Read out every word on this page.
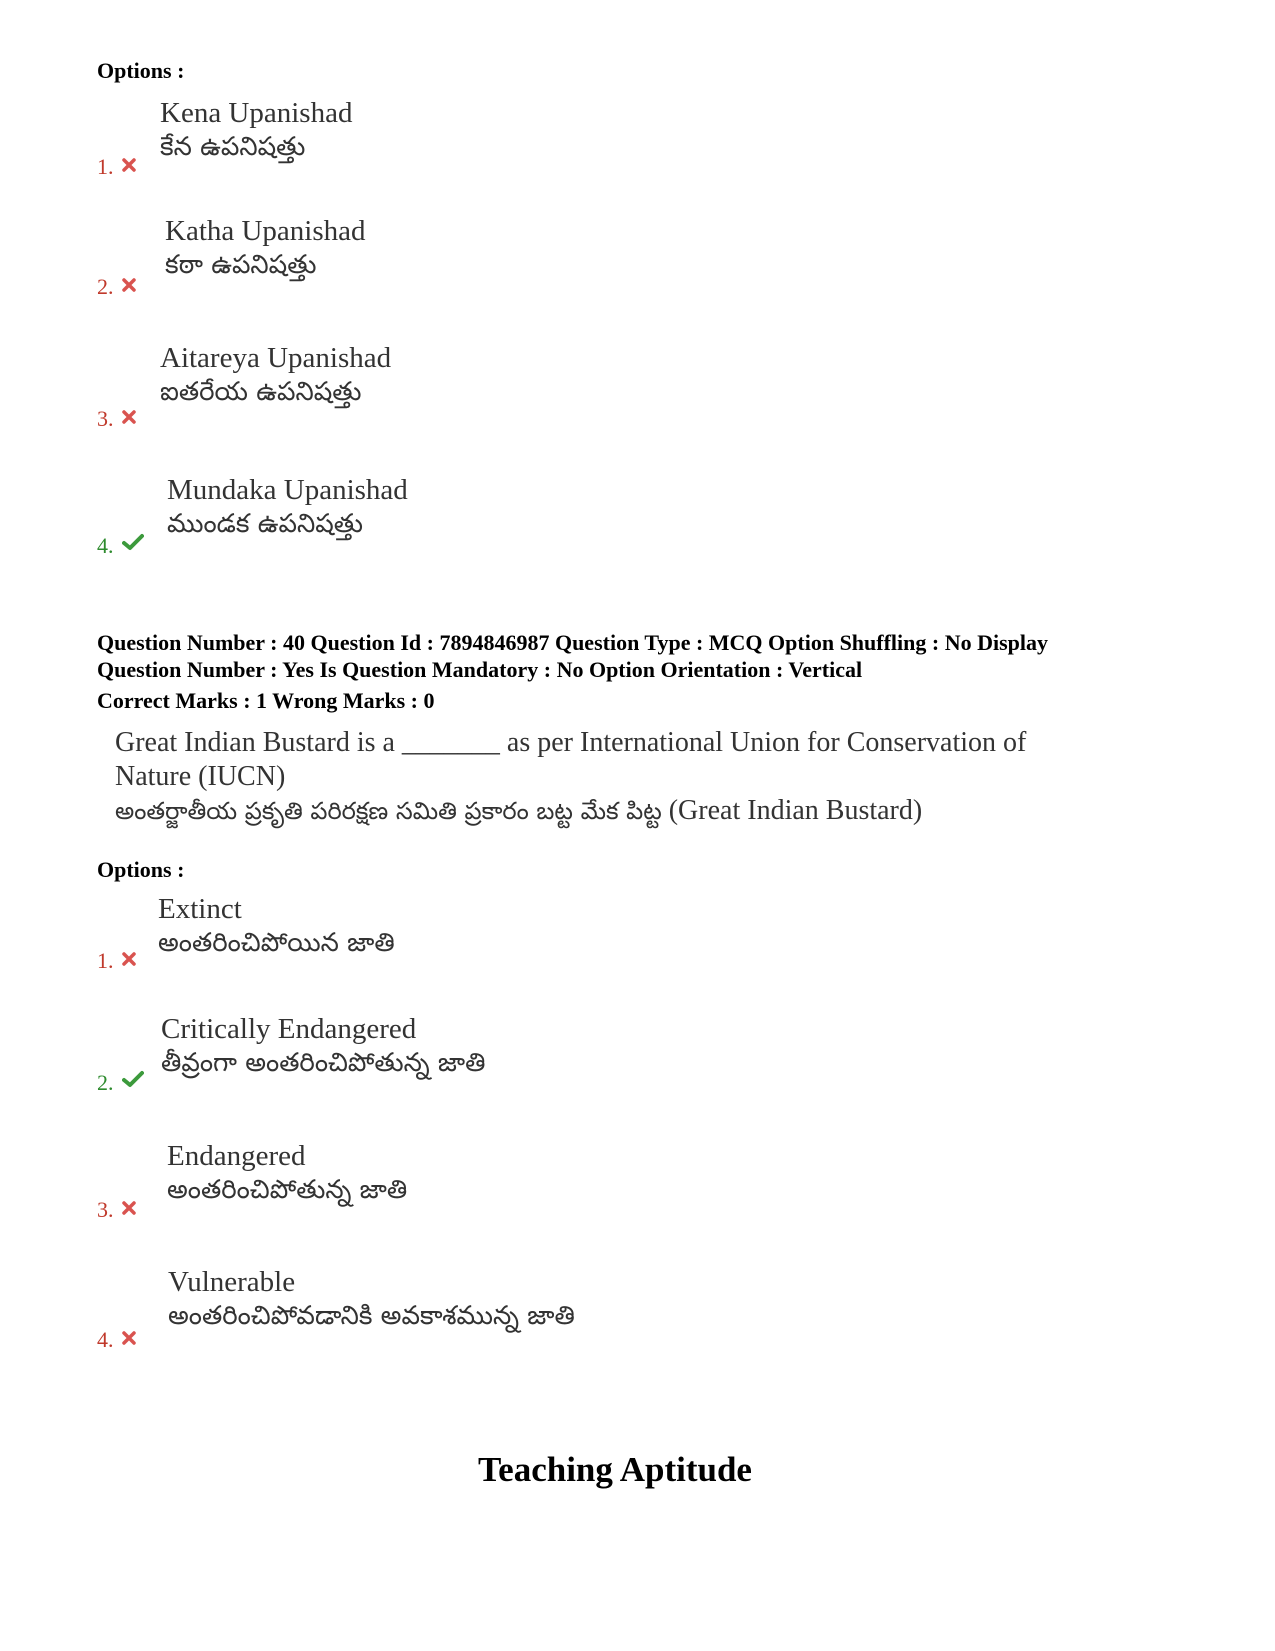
Options :
Kena Upanishad
కేన ఉపనిషత్తు
1.
Katha Upanishad
కఠా ఉపనిషత్తు
2.
Aitareya Upanishad
ఐతరేయ ఉపనిషత్తు
3.
Mundaka Upanishad
ముండక ఉపనిషత్తు
4.
Question Number : 40 Question Id : 7894846987 Question Type : MCQ Option Shuffling : No Display
Question Number : Yes Is Question Mandatory : No Option Orientation : Vertical
Correct Marks : 1 Wrong Marks : 0
Great Indian Bustard is a _______ as per International Union for Conservation of
Nature (IUCN)
అంతర్జాతీయ ప్రకృతి పరిరక్షణ సమితి ప్రకారం బట్ట మేక పిట్ట (Great Indian Bustard)
Options :
Extinct
అంతరించిపోయిన జాతి
1.
Critically Endangered
తీవ్రంగా అంతరించిపోతున్న జాతి
2.
Endangered
అంతరించిపోతున్న జాతి
3.
Vulnerable
అంతరించిపోవడానికి అవకాశమున్న జాతి
4.
Teaching Aptitude
